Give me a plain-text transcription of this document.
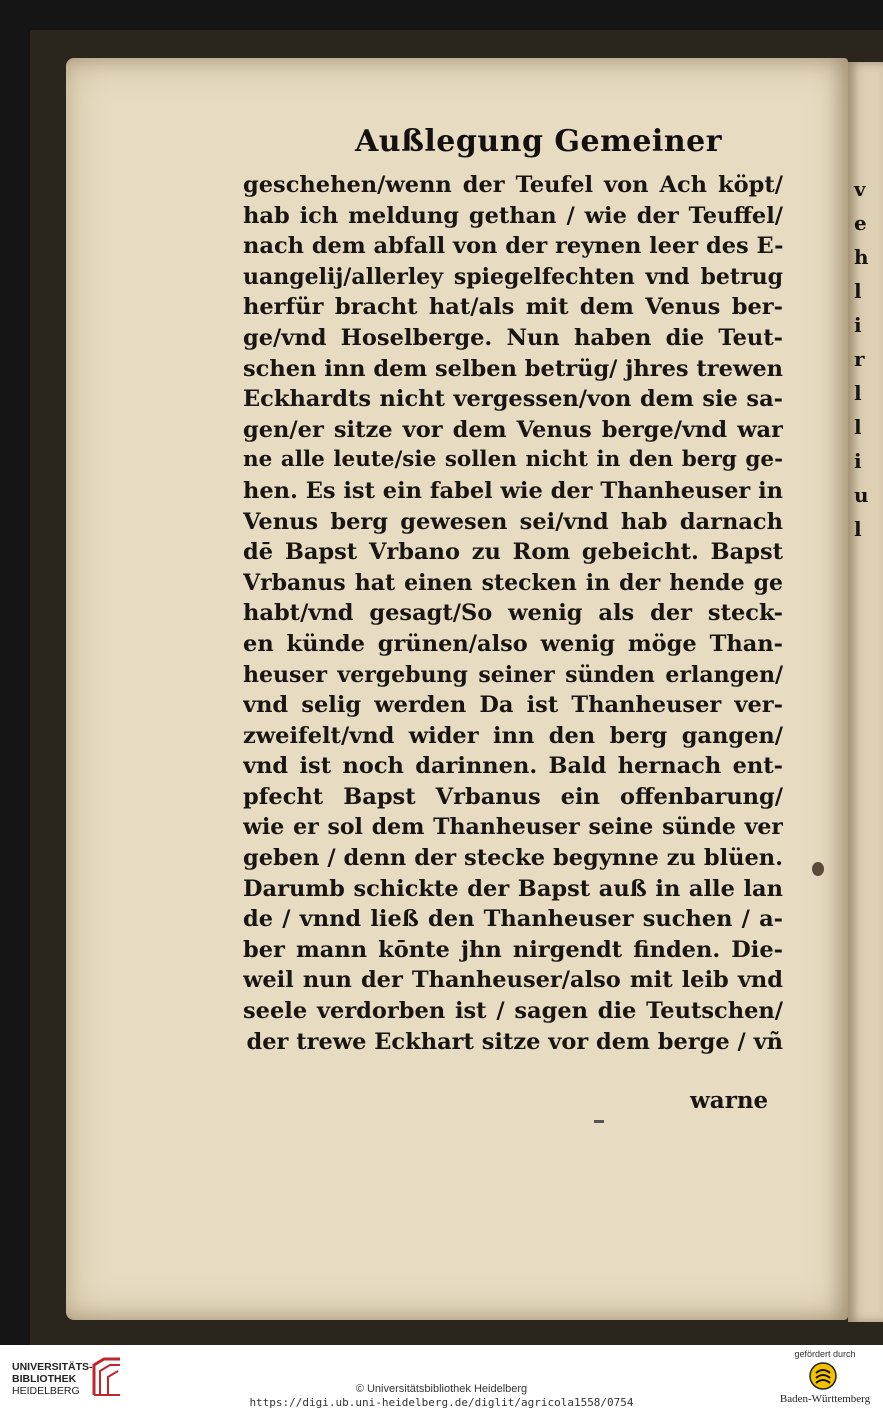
v
e
h
l
i
r
l
l
i
u
l
Außlegung Gemeiner
geschehen/wenn der Teufel von Ach köpt/
hab ich meldung gethan / wie der Teuffel/
nach dem abfall von der reynen leer des E-
uangelij/allerley spiegelfechten vnd betrug
herfür bracht hat/als mit dem Venus ber-
ge/vnd Hoselberge. Nun haben die Teut-
schen inn dem selben betrüg/ jhres trewen
Eckhardts nicht vergessen/von dem sie sa-
gen/er sitze vor dem Venus berge/vnd war
ne alle leute/sie sollen nicht in den berg ge-
hen. Es ist ein fabel wie der Thanheuser in
Venus berg gewesen sei/vnd hab darnach
dē Bapst Vrbano zu Rom gebeicht. Bapst
Vrbanus hat einen stecken in der hende ge
habt/vnd gesagt/So wenig als der steck-
en künde grünen/also wenig möge Than-
heuser vergebung seiner sünden erlangen/
vnd selig werden Da ist Thanheuser ver-
zweifelt/vnd wider inn den berg gangen/
vnd ist noch darinnen. Bald hernach ent-
pfecht Bapst Vrbanus ein offenbarung/
wie er sol dem Thanheuser seine sünde ver
geben / denn der stecke begynne zu blüen.
Darumb schickte der Bapst auß in alle lan
de / vnnd ließ den Thanheuser suchen / a-
ber mann kōnte jhn nirgendt finden. Die-
weil nun der Thanheuser/also mit leib vnd
seele verdorben ist / sagen die Teutschen/
der trewe Eckhart sitze vor dem berge / vñ

warne

UNIVERSITÄTS-
BIBLIOTHEK
HEIDELBERG	© Universitätsbibliothek Heidelberg
https://digi.ub.uni-heidelberg.de/diglit/agricola1558/0754
gefördert durch
Baden-Württemberg
